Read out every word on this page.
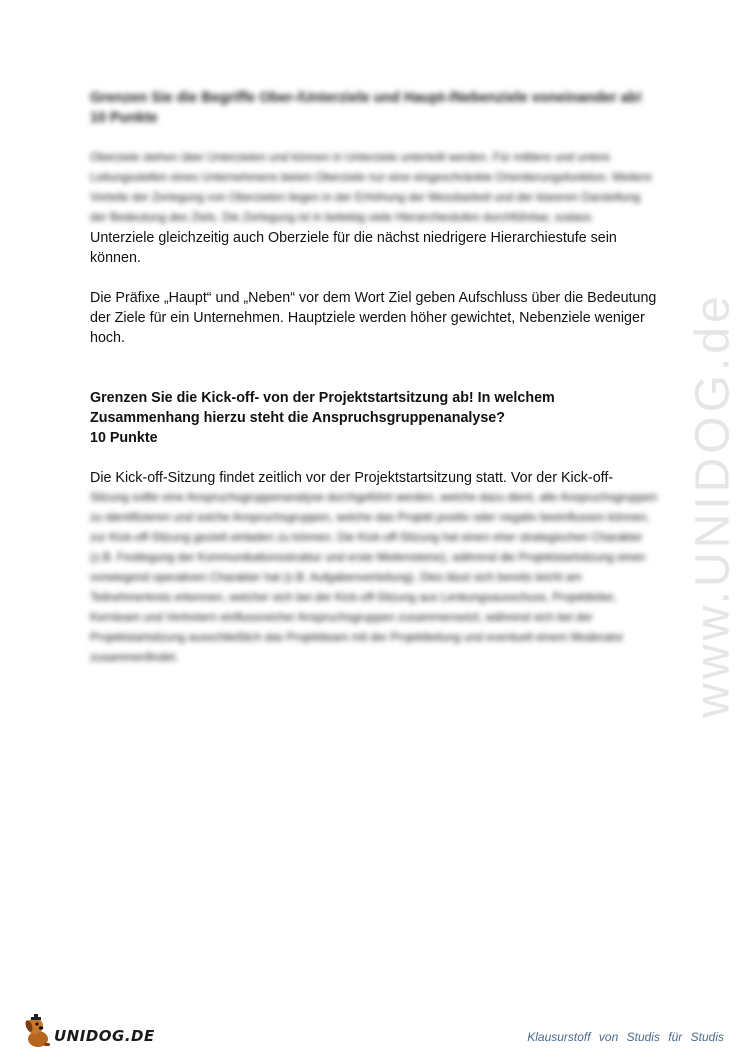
Grenzen Sie die Begriffe Ober-/Unterziele und Haupt-/Nebenziele voneinander ab!

10 Punkte

Oberziele stehen über Unterzielen und können in Unterziele unterteilt werden. Für mittlere und untere Leitungsstellen eines Unternehmens bieten Oberziele nur eine eingeschränkte Orientierungsfunktion. Weitere Vorteile der Zerlegung von Oberzielen liegen in der Erhöhung der Messbarkeit und der klareren Darstellung der Bedeutung des Ziels. Die Zerlegung ist in beliebig viele Hierarchiestufen durchführbar, sodass

Unterziele gleichzeitig auch Oberziele für die nächst niedrigere Hierarchiestufe sein können.

Die Präfixe „Haupt“ und „Neben“ vor dem Wort Ziel geben Aufschluss über die Bedeutung der Ziele für ein Unternehmen. Hauptziele werden höher gewichtet, Nebenziele weniger hoch.

Grenzen Sie die Kick-off- von der Projektstartsitzung ab! In welchem

Zusammenhang hierzu steht die Anspruchsgruppenanalyse?

10 Punkte

Die Kick-off-Sitzung findet zeitlich vor der Projektstartsitzung statt. Vor der Kick-off-

Sitzung sollte eine Anspruchsgruppenanalyse durchgeführt werden, welche dazu dient, alle Anspruchsgruppen zu identifizieren und solche Anspruchsgruppen, welche das Projekt positiv oder negativ beeinflussen können, zur Kick-off-Sitzung gezielt einladen zu können. Die Kick-off-Sitzung hat einen eher strategischen Charakter (z.B. Festlegung der Kommunikationsstruktur und erste Meilensteine), während die Projektstartsitzung einen vorwiegend operativen Charakter hat (z.B. Aufgabenverteilung). Dies lässt sich bereits leicht am Teilnehmerkreis erkennen, welcher sich bei der Kick-off-Sitzung aus Lenkungsausschuss, Projektleiter, Kernteam und Vertretern einflussreicher Anspruchsgruppen zusammensetzt, während sich bei der Projektstartsitzung ausschließlich das Projektteam mit der Projektleitung und eventuell einem Moderator zusammenfindet.	www.UNIDOG.de
UNIDOG.DE	Klausurstoff von Studis für Studis
